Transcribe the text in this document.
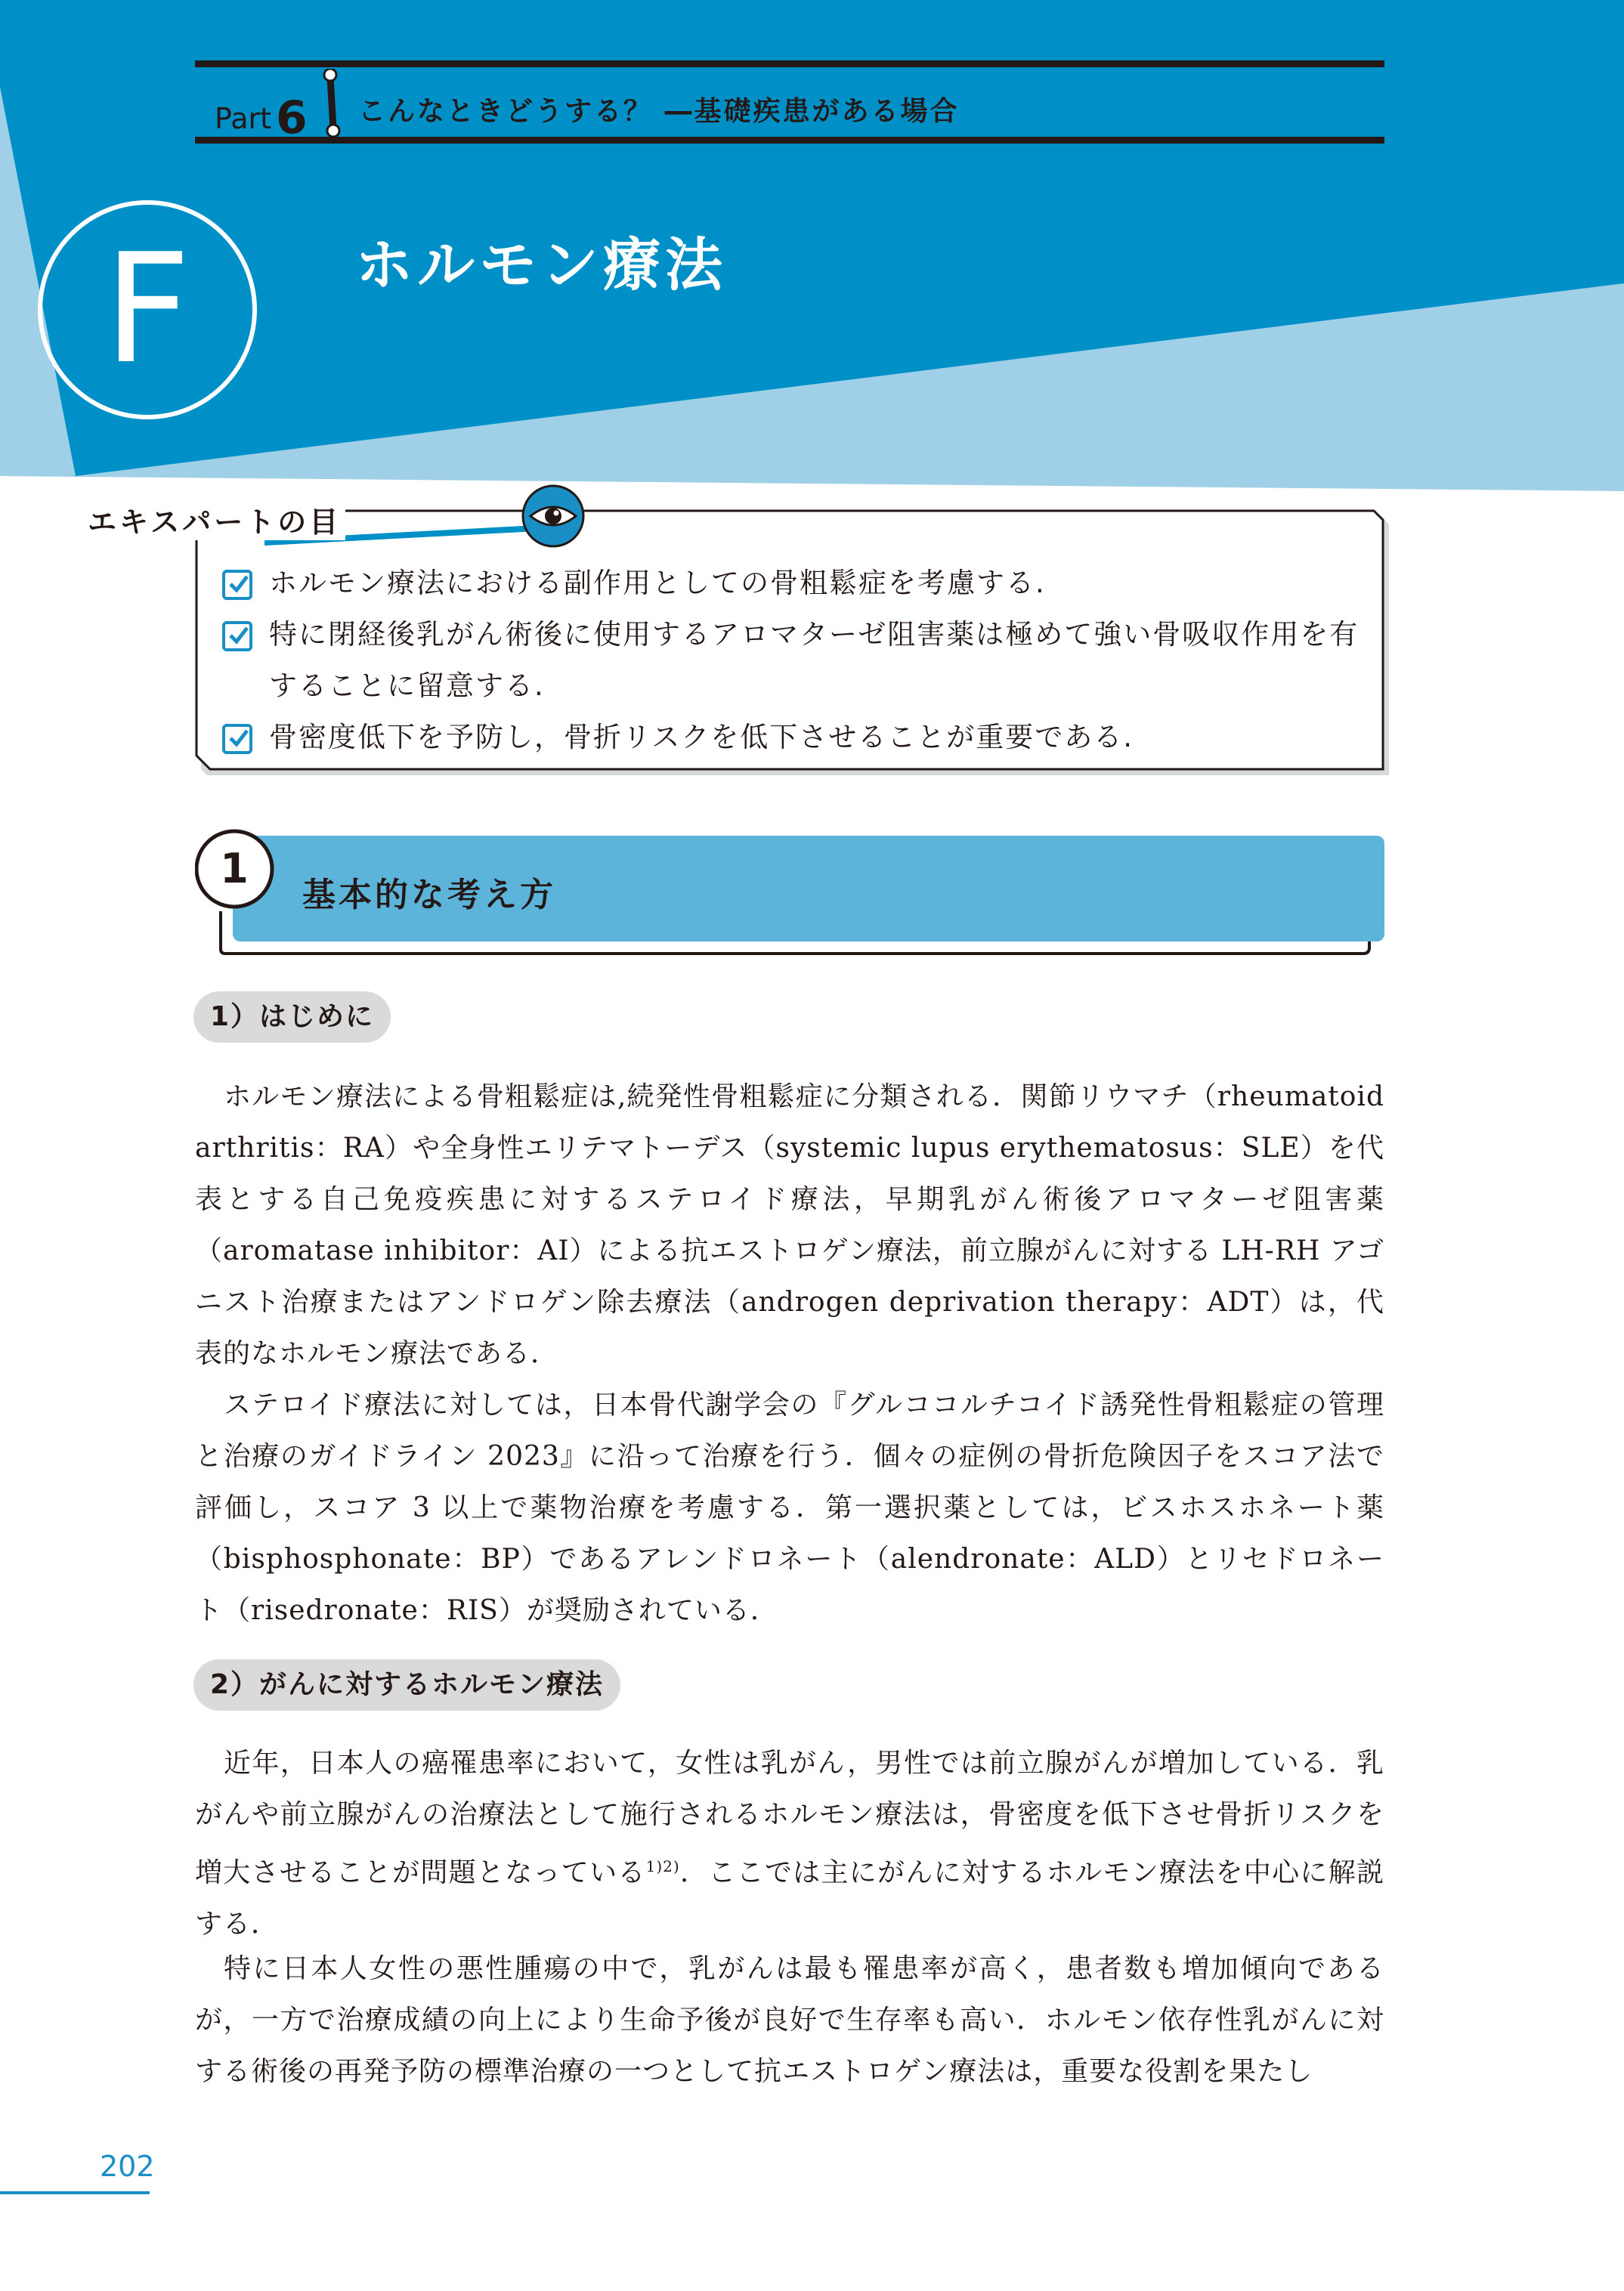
Part 6 こんなときどうする？ ―基礎疾患がある場合
F	ホルモン療法
エキスパートの目
ホルモン療法における副作用としての骨粗鬆症を考慮する.
特に閉経後乳がん術後に使用するアロマターゼ阻害薬は極めて強い骨吸収作用を有することに留意する.
骨密度低下を予防し，骨折リスクを低下させることが重要である.
1
基本的な考え方
1）はじめに

ホルモン療法による骨粗鬆症は,続発性骨粗鬆症に分類される．関節リウマチ（rheumatoid arthritis：RA）や全身性エリテマトーデス（systemic lupus erythematosus：SLE）を代表とする自己免疫疾患に対するステロイド療法，早期乳がん術後アロマターゼ阻害薬（aromatase inhibitor：AI）による抗エストロゲン療法，前立腺がんに対する LH-RH アゴニスト治療またはアンドロゲン除去療法（androgen deprivation therapy：ADT）は，代表的なホルモン療法である．

ステロイド療法に対しては，日本骨代謝学会の『グルココルチコイド誘発性骨粗鬆症の管理と治療のガイドライン 2023』に沿って治療を行う．個々の症例の骨折危険因子をスコア法で評価し，スコア 3 以上で薬物治療を考慮する．第一選択薬としては，ビスホスホネート薬（bisphosphonate：BP）であるアレンドロネート（alendronate：ALD）とリセドロネート（risedronate：RIS）が奨励されている．

2）がんに対するホルモン療法

近年，日本人の癌罹患率において，女性は乳がん，男性では前立腺がんが増加している．乳がんや前立腺がんの治療法として施行されるホルモン療法は，骨密度を低下させ骨折リスクを増大させることが問題となっている$^{1)2)}$．ここでは主にがんに対するホルモン療法を中心に解説する．

特に日本人女性の悪性腫瘍の中で，乳がんは最も罹患率が高く，患者数も増加傾向であるが，一方で治療成績の向上により生命予後が良好で生存率も高い．ホルモン依存性乳がんに対する術後の再発予防の標準治療の一つとして抗エストロゲン療法は，重要な役割を果たし

202
